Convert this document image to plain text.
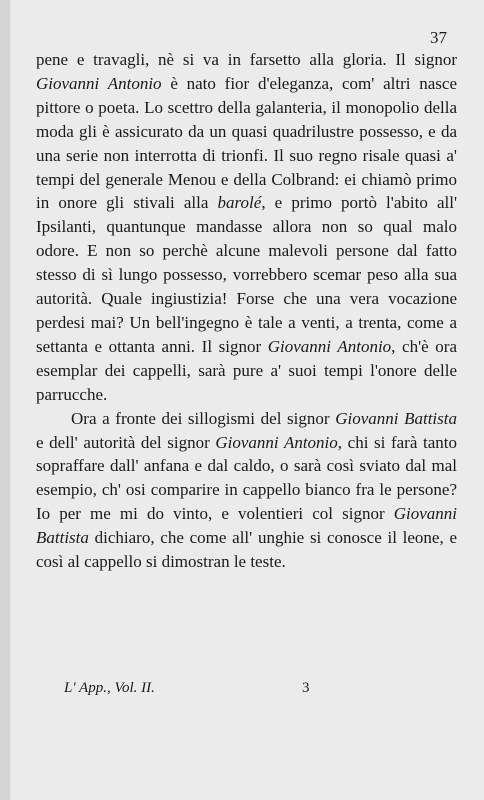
37

pene e travagli, nè si va in farsetto alla gloria. Il signor Giovanni Antonio è nato fior d'eleganza, com' altri nasce pittore o poeta. Lo scettro della galanteria, il monopolio della moda gli è assicurato da un quasi quadrilustre possesso, e da una serie non interrotta di trionfi. Il suo regno risale quasi a' tempi del generale Menou e della Colbrand: ei chiamò primo in onore gli stivali alla barolé, e primo portò l'abito all' Ipsilanti, quantunque mandasse allora non so qual malo odore. E non so perchè alcune malevoli persone dal fatto stesso di sì lungo possesso, vorrebbero scemar peso alla sua autorità. Quale ingiustizia! Forse che una vera vocazione perdesi mai? Un bell'ingegno è tale a venti, a trenta, come a settanta e ottanta anni. Il signor Giovanni Antonio, ch'è ora esemplar dei cappelli, sarà pure a' suoi tempi l'onore delle parrucche.

Ora a fronte dei sillogismi del signor Giovanni Battista e dell' autorità del signor Giovanni Antonio, chi si farà tanto sopraffare dall' anfana e dal caldo, o sarà così sviato dal mal esempio, ch' osi comparire in cappello bianco fra le persone? Io per me mi do vinto, e volentieri col signor Giovanni Battista dichiaro, che come all' unghie si conosce il leone, e così al cappello si dimostran le teste.

L' App., Vol. II.	3
